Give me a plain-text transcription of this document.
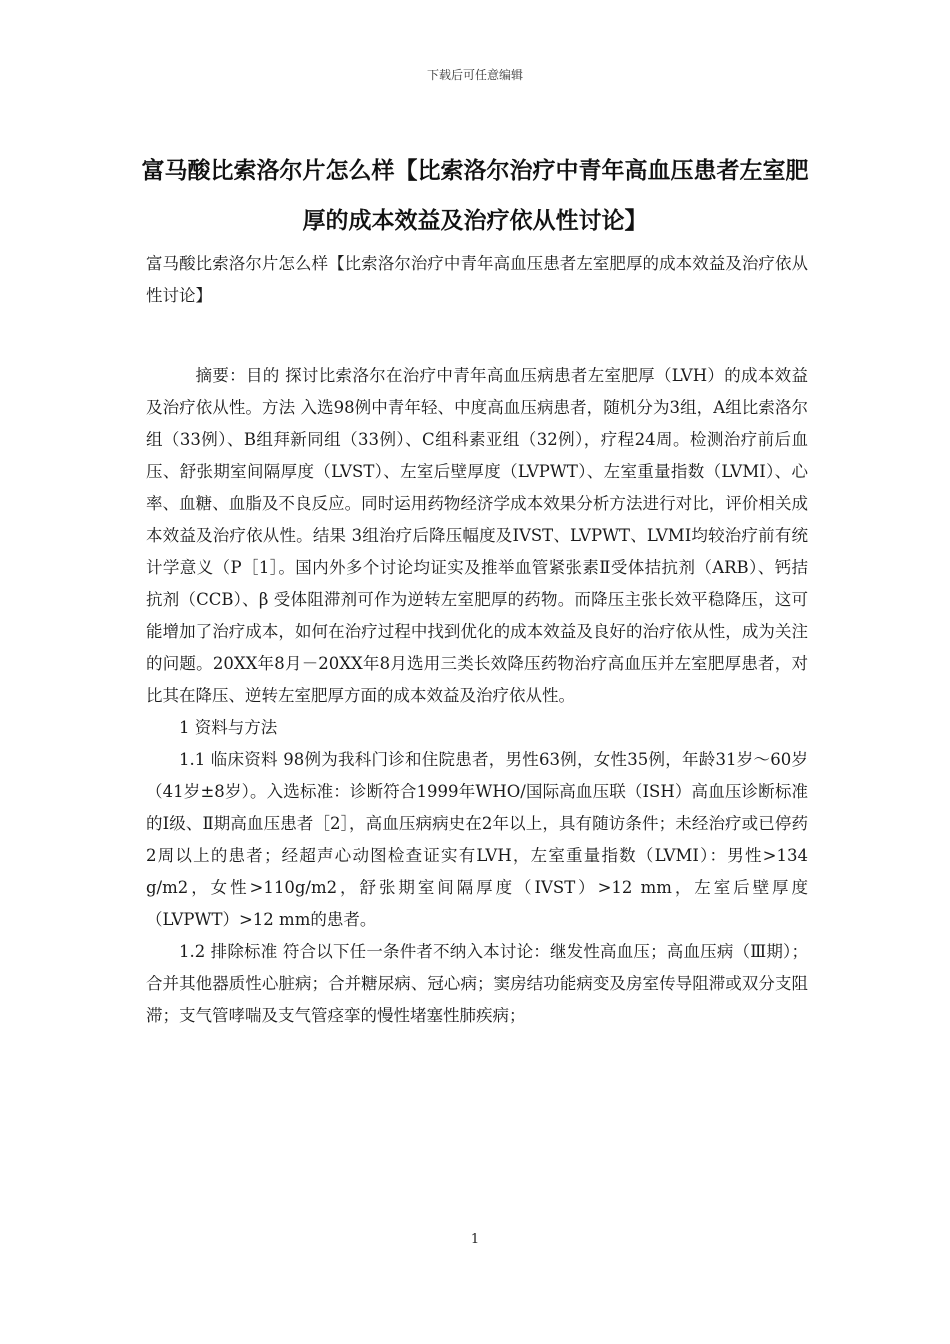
下载后可任意编辑
富马酸比索洛尔片怎么样【比索洛尔治疗中青年高血压患者左室肥厚的成本效益及治疗依从性讨论】

富马酸比索洛尔片怎么样【比索洛尔治疗中青年高血压患者左室肥厚的成本效益及治疗依从性讨论】

摘要：目的 探讨比索洛尔在治疗中青年高血压病患者左室肥厚（LVH）的成本效益及治疗依从性。方法 入选98例中青年轻、中度高血压病患者，随机分为3组，A组比索洛尔组（33例）、B组拜新同组（33例）、C组科素亚组（32例），疗程24周。检测治疗前后血压、舒张期室间隔厚度（LVST）、左室后壁厚度（LVPWT）、左室重量指数（LVMI）、心率、血糖、血脂及不良反应。同时运用药物经济学成本效果分析方法进行对比，评价相关成本效益及治疗依从性。结果 3组治疗后降压幅度及IVST、LVPWT、LVMI均较治疗前有统计学意义（P［1］。国内外多个讨论均证实及推举血管紧张素Ⅱ受体拮抗剂（ARB）、钙拮抗剂（CCB）、β 受体阻滞剂可作为逆转左室肥厚的药物。而降压主张长效平稳降压，这可能增加了治疗成本，如何在治疗过程中找到优化的成本效益及良好的治疗依从性，成为关注的问题。20XX年8月－20XX年8月选用三类长效降压药物治疗高血压并左室肥厚患者，对比其在降压、逆转左室肥厚方面的成本效益及治疗依从性。

1 资料与方法

1.1 临床资料 98例为我科门诊和住院患者，男性63例，女性35例，年龄31岁～60岁（41岁±8岁）。入选标准：诊断符合1999年WHO/国际高血压联（ISH）高血压诊断标准的Ⅰ级、Ⅱ期高血压患者［2］，高血压病病史在2年以上，具有随访条件；未经治疗或已停药2周以上的患者；经超声心动图检查证实有LVH，左室重量指数（LVMI）：男性>134 g/m2，女性>110g/m2，舒张期室间隔厚度（IVST）>12 mm，左室后壁厚度（LVPWT）>12 mm的患者。

1.2 排除标准 符合以下任一条件者不纳入本讨论：继发性高血压；高血压病（Ⅲ期）；合并其他器质性心脏病；合并糖尿病、冠心病；窦房结功能病变及房室传导阻滞或双分支阻滞；支气管哮喘及支气管痉挛的慢性堵塞性肺疾病；

1
